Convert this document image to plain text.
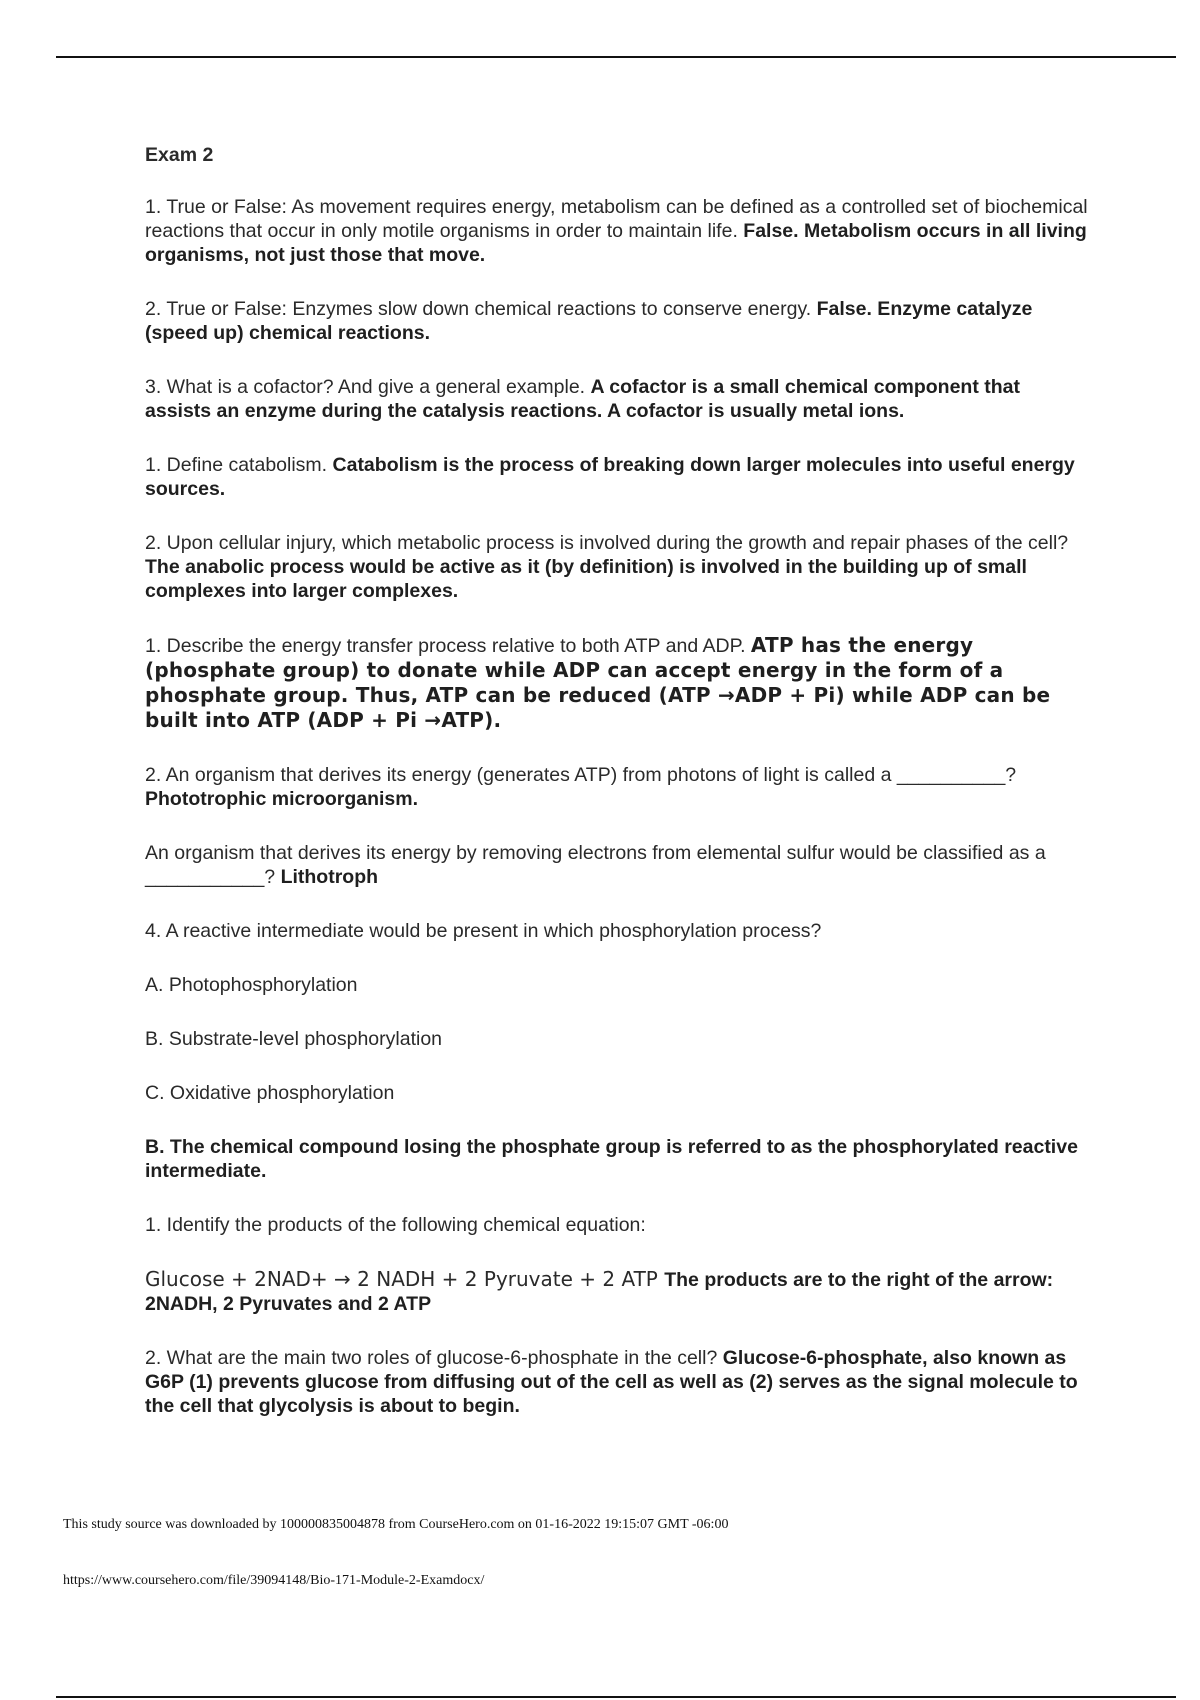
Exam 2

1. True or False: As movement requires energy, metabolism can be defined as a controlled set of biochemical reactions that occur in only motile organisms in order to maintain life. False. Metabolism occurs in all living organisms, not just those that move.

2. True or False: Enzymes slow down chemical reactions to conserve energy. False. Enzyme catalyze (speed up) chemical reactions.

3. What is a cofactor? And give a general example. A cofactor is a small chemical component that assists an enzyme during the catalysis reactions. A cofactor is usually metal ions.

1. Define catabolism. Catabolism is the process of breaking down larger molecules into useful energy sources.

2. Upon cellular injury, which metabolic process is involved during the growth and repair phases of the cell? The anabolic process would be active as it (by definition) is involved in the building up of small complexes into larger complexes.

1. Describe the energy transfer process relative to both ATP and ADP. ATP has the energy (phosphate group) to donate while ADP can accept energy in the form of a phosphate group. Thus, ATP can be reduced (ATP →ADP + Pi) while ADP can be built into ATP (ADP + Pi →ATP).

2. An organism that derives its energy (generates ATP) from photons of light is called a __________? Phototrophic microorganism.

An organism that derives its energy by removing electrons from elemental sulfur would be classified as a ___________? Lithotroph

4. A reactive intermediate would be present in which phosphorylation process?

A. Photophosphorylation

B. Substrate-level phosphorylation

C. Oxidative phosphorylation

B. The chemical compound losing the phosphate group is referred to as the phosphorylated reactive intermediate.

1. Identify the products of the following chemical equation:

Glucose + 2NAD+ → 2 NADH + 2 Pyruvate + 2 ATP The products are to the right of the arrow: 2NADH, 2 Pyruvates and 2 ATP

2. What are the main two roles of glucose-6-phosphate in the cell? Glucose-6-phosphate, also known as G6P (1) prevents glucose from diffusing out of the cell as well as (2) serves as the signal molecule to the cell that glycolysis is about to begin.

This study source was downloaded by 100000835004878 from CourseHero.com on 01-16-2022 19:15:07 GMT -06:00
https://www.coursehero.com/file/39094148/Bio-171-Module-2-Examdocx/
